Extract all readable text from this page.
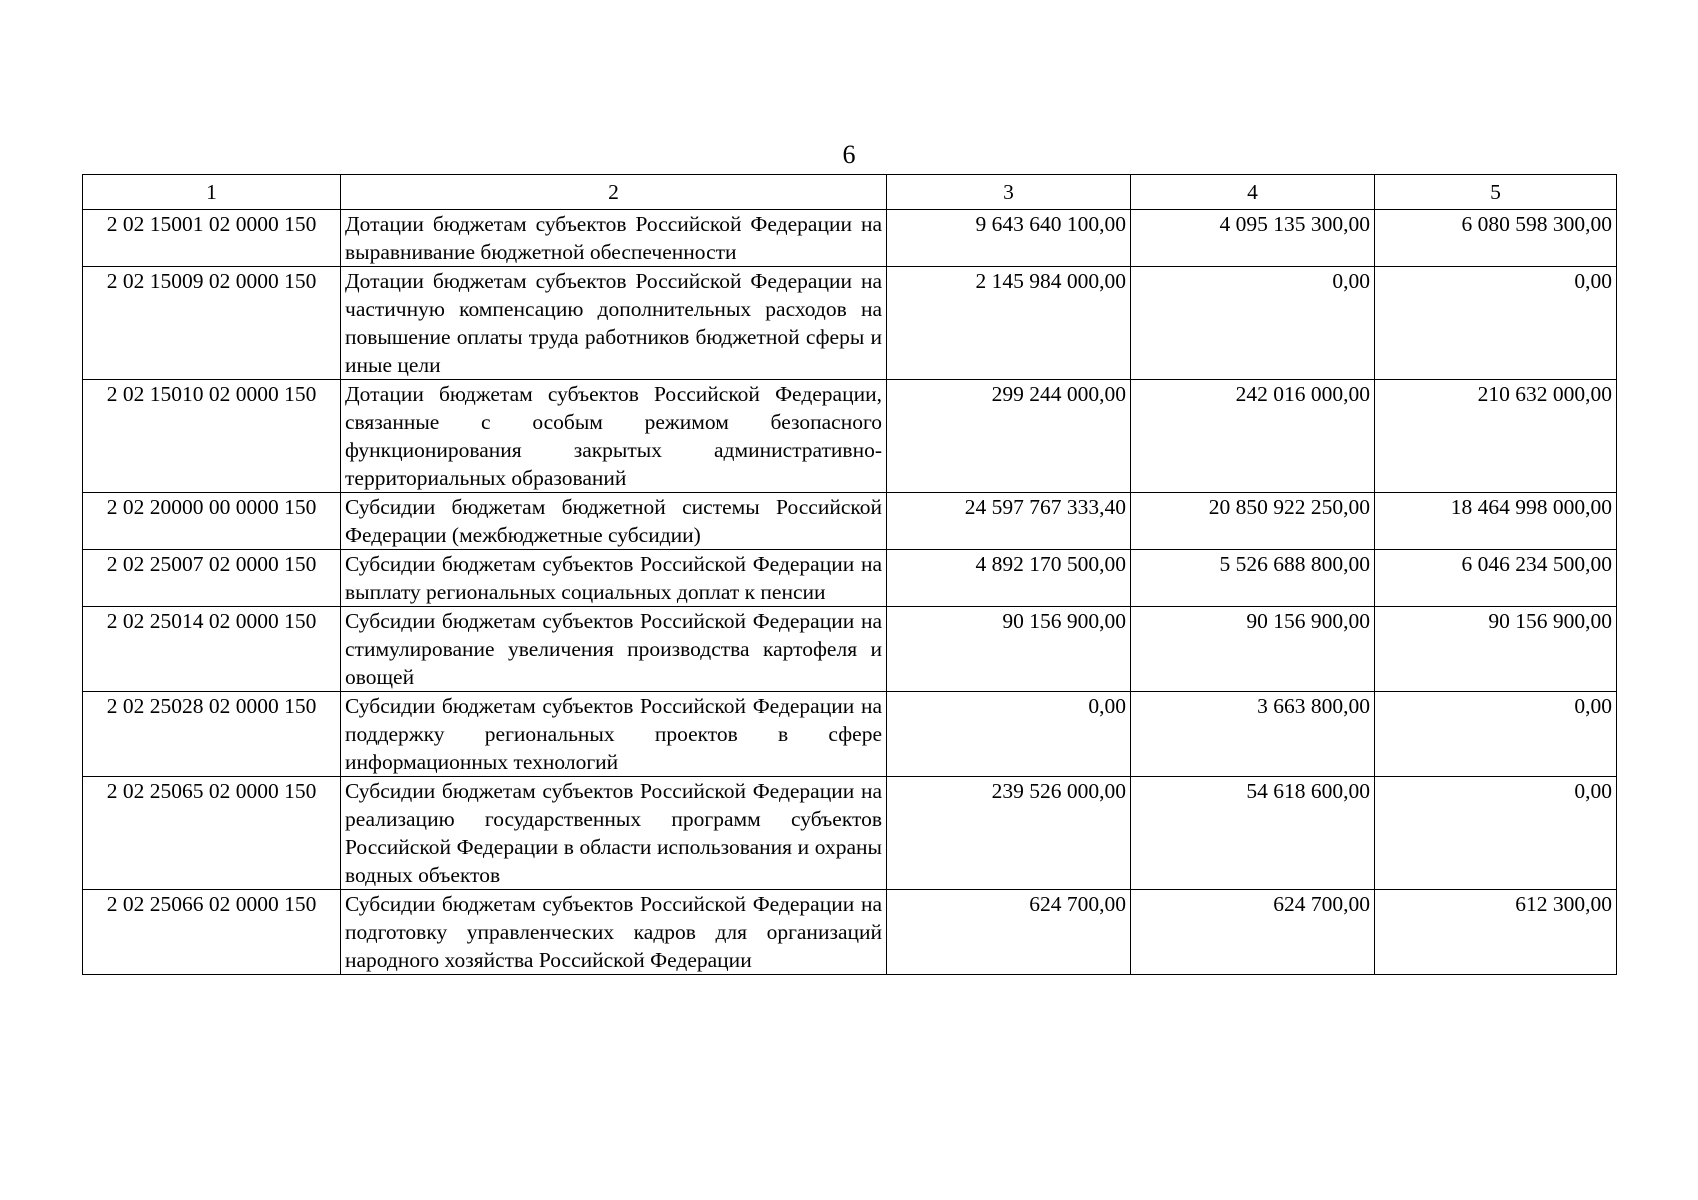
6
1	2	3	4	5
2 02 15001 02 0000 150	Дотации бюджетам субъектов Российской Федерации на выравнивание бюджетной обеспеченности	9 643 640 100,00	4 095 135 300,00	6 080 598 300,00
2 02 15009 02 0000 150	Дотации бюджетам субъектов Российской Федерации на частичную компенсацию дополнительных расходов на повышение оплаты труда работников бюджетной сферы и иные цели	2 145 984 000,00	0,00	0,00
2 02 15010 02 0000 150	Дотации бюджетам субъектов Российской Федерации, связанные с особым режимом безопасного функционирования закрытых административно-территориальных образований	299 244 000,00	242 016 000,00	210 632 000,00
2 02 20000 00 0000 150	Субсидии бюджетам бюджетной системы Российской Федерации (межбюджетные субсидии)	24 597 767 333,40	20 850 922 250,00	18 464 998 000,00
2 02 25007 02 0000 150	Субсидии бюджетам субъектов Российской Федерации на выплату региональных социальных доплат к пенсии	4 892 170 500,00	5 526 688 800,00	6 046 234 500,00
2 02 25014 02 0000 150	Субсидии бюджетам субъектов Российской Федерации на стимулирование увеличения производства картофеля и овощей	90 156 900,00	90 156 900,00	90 156 900,00
2 02 25028 02 0000 150	Субсидии бюджетам субъектов Российской Федерации на поддержку региональных проектов в сфере информационных технологий	0,00	3 663 800,00	0,00
2 02 25065 02 0000 150	Субсидии бюджетам субъектов Российской Федерации на реализацию государственных программ субъектов Российской Федерации в области использования и охраны водных объектов	239 526 000,00	54 618 600,00	0,00
2 02 25066 02 0000 150	Субсидии бюджетам субъектов Российской Федерации на подготовку управленческих кадров для организаций народного хозяйства Российской Федерации	624 700,00	624 700,00	612 300,00
